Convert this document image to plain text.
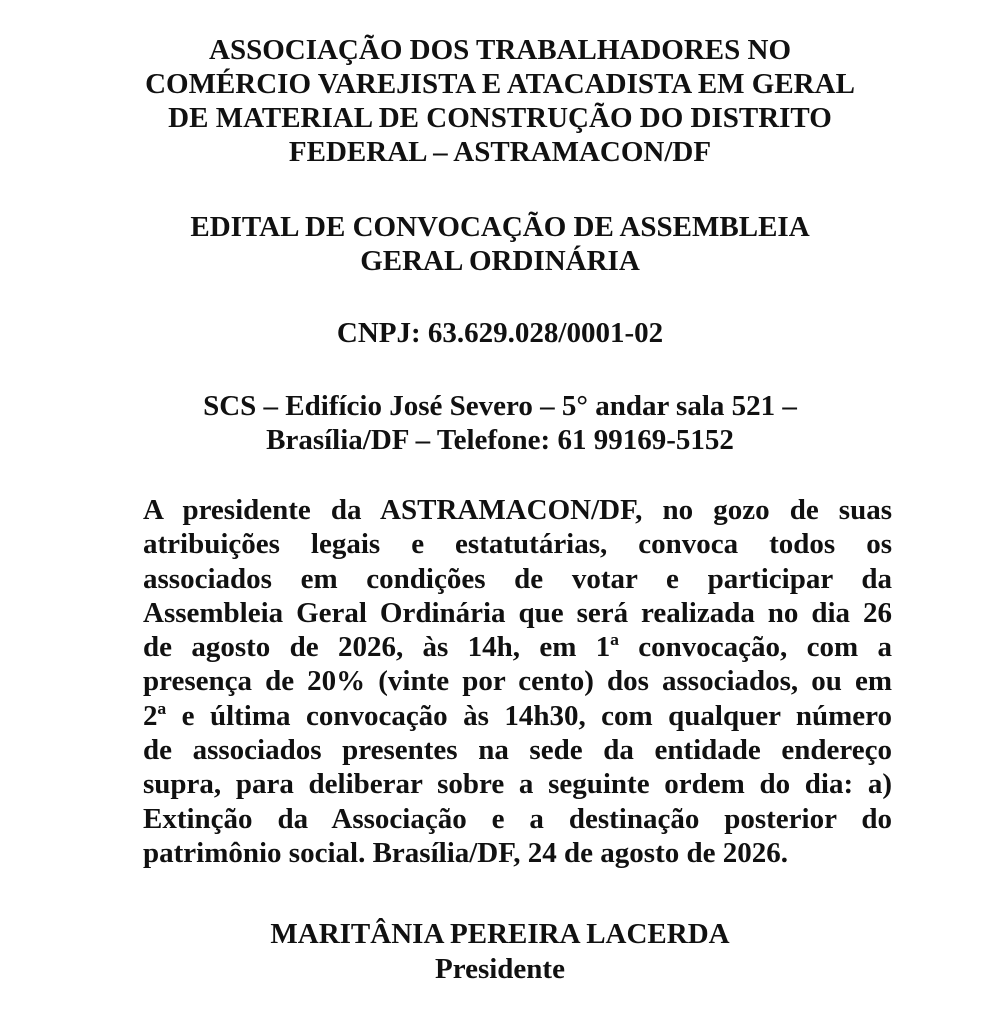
ASSOCIAÇÃO DOS TRABALHADORES NO
COMÉRCIO VAREJISTA E ATACADISTA EM GERAL
DE MATERIAL DE CONSTRUÇÃO DO DISTRITO
FEDERAL – ASTRAMACON/DF
EDITAL DE CONVOCAÇÃO DE ASSEMBLEIA
GERAL ORDINÁRIA

CNPJ: 63.629.028/0001-02

SCS – Edifício José Severo – 5° andar sala 521 –
Brasília/DF – Telefone: 61 99169-5152

A presidente da ASTRAMACON/DF, no gozo de suas
atribuições legais e estatutárias, convoca todos os
associados em condições de votar e participar da
Assembleia Geral Ordinária que será realizada no dia 26
de agosto de 2026, às 14h, em 1ª convocação, com a
presença de 20% (vinte por cento) dos associados, ou em
2ª e última convocação às 14h30, com qualquer número
de associados presentes na sede da entidade endereço
supra, para deliberar sobre a seguinte ordem do dia: a)
Extinção da Associação e a destinação posterior do
patrimônio social. Brasília/DF, 24 de agosto de 2026.

MARITÂNIA PEREIRA LACERDA

Presidente
